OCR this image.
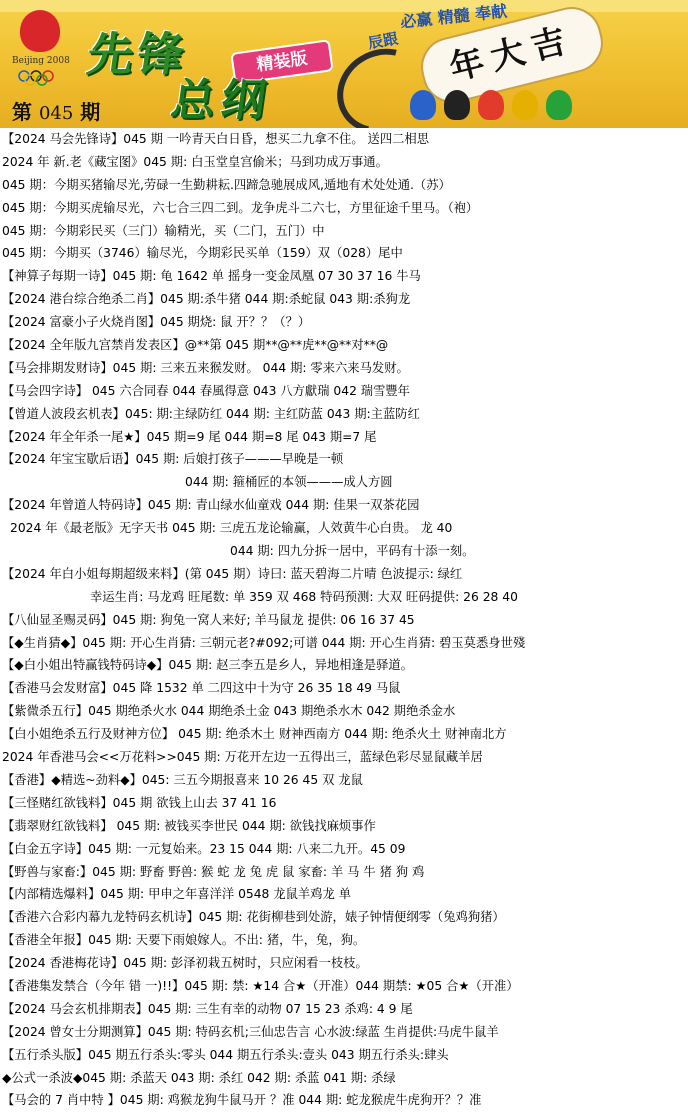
Beijing 2008 先锋	精装版
总纲
第 045 期
必赢 精髓 奉献
辰跟	年大吉
【2024 马会先锋诗】045 期 一吟青天白日昏，想买二九拿不住。 送四二相思
2024 年 新.老《藏宝图》045 期: 白玉堂皇宫偷米；马到功成万事通。
045 期：今期买猪输尽光,劳碌一生勤耕耘.四蹄急驰展成风,遁地有术处处通.（苏）
045 期：今期买虎输尽光，六七合三四二到。龙争虎斗二六七，方里征途千里马。（袍）
045 期：今期彩民买（三门）输精光，买（二门，五门）中
045 期：今期买（3746）输尽光，今期彩民买单（159）双（028）尾中
【神算子每期一诗】045 期: 龟 1642 单 摇身一变金凤凰 07 30 37 16 牛马
【2024 港台综合绝杀二肖】045 期:杀牛猪 044 期:杀蛇鼠 043 期:杀狗龙
【2024 富豪小子火烧肖图】045 期烧: 鼠 开？？（？）
【2024 全年版九宫禁肖发表区】@**第 045 期**@**虎**@**对**@
【马会排期发财诗】045 期: 三来五来猴发财。 044 期: 零来六来马发财。
【马会四字诗】 045 六合同春 044 春風得意 043 八方獻瑞 042 瑞雪豐年
【曾道人波段玄机表】045: 期:主绿防红 044 期: 主红防蓝 043 期:主蓝防红
【2024 年全年杀一尾★】045 期=9 尾 044 期=8 尾 043 期=7 尾
【2024 年宝宝歇后语】045 期: 后娘打孩子———早晚是一顿
044 期: 箍桶匠的本领———成人方圆
【2024 年曾道人特码诗】045 期: 青山绿水仙童戏 044 期: 佳果一双茶花园
2024 年《最老版》无字天书 045 期: 三虎五龙论输赢，人效黄牛心白贵。 龙 40
044 期: 四九分拆一居中，平码有十添一刻。
【2024 年白小姐每期超级来料】(第 045 期）诗曰: 蓝天碧海二片晴 色波提示: 绿红
幸运生肖: 马龙鸡 旺尾数: 单 359 双 468 特码预测: 大双 旺码提供: 26 28 40
【八仙显圣赐灵码】045 期: 狗兔一窝人来好; 羊马鼠龙 提供: 06 16 37 45
【◆生肖猜◆】045 期: 开心生肖猜: 三朝元老?#092;可谱 044 期: 开心生肖猜: 碧玉莫悉身世殘
【◆白小姐出特赢钱特码诗◆】045 期: 赵三李五是乡人，异地相逢是驿道。
【香港马会发财富】045 降 1532 单 二四这中十为守 26 35 18 49 马鼠
【紫微杀五行】045 期绝杀火水 044 期绝杀土金 043 期绝杀水木 042 期绝杀金水
【白小姐绝杀五行及财神方位】 045 期: 绝杀木土 财神西南方 044 期: 绝杀火土 财神南北方
2024 年香港马会<<万花料>>045 期: 万花开左边一五得出三，蓝绿色彩尽显鼠藏羊居
【香港】◆精选~劲料◆】045: 三五今期报喜来 10 26 45 双 龙鼠
【三怪赌红欲钱料】045 期 欲钱上山去 37 41 16
【翡翠财红欲钱料】 045 期: 被钱买李世民 044 期: 欲钱找麻烦事作
【白金五字诗】045 期: 一元复始来。23 15 044 期: 八来二九开。45 09
【野兽与家畜:】045 期: 野畜 野兽: 猴 蛇 龙 兔 虎 鼠 家畜: 羊 马 牛 猪 狗 鸡
【内部精选爆料】045 期: 甲申之年喜洋洋 0548 龙鼠羊鸡龙 单
【香港六合彩内幕九龙特码玄机诗】045 期: 花街柳巷到处游，婊子钟情便纲零（兔鸡狗猪）
【香港全年报】045 期: 天要下雨娘嫁人。不出: 猪，牛，兔，狗。
【2024 香港梅花诗】045 期: 彭泽初栽五树时，只应闲看一枝枝。
【香港集发禁合（今年 错 一)!!】045 期: 禁: ★14 合★（开准）044 期禁: ★05 合★（开准）
【2024 马会玄机排期表】045 期: 三生有幸的动物 07 15 23 杀鸡: 4 9 尾
【2024 曾女士分期测算】045 期: 特码玄机;三仙忠告言 心水波:绿蓝 生肖提供:马虎牛鼠羊
【五行杀头版】045 期五行杀头:零头 044 期五行杀头:壹头 043 期五行杀头:肆头
◆公式一杀波◆045 期: 杀蓝天 043 期: 杀红 042 期: 杀蓝 041 期: 杀绿
【马会的 7 肖中特 】045 期: 鸡猴龙狗牛鼠马开 ？准 044 期: 蛇龙猴虎牛虎狗开？？准
